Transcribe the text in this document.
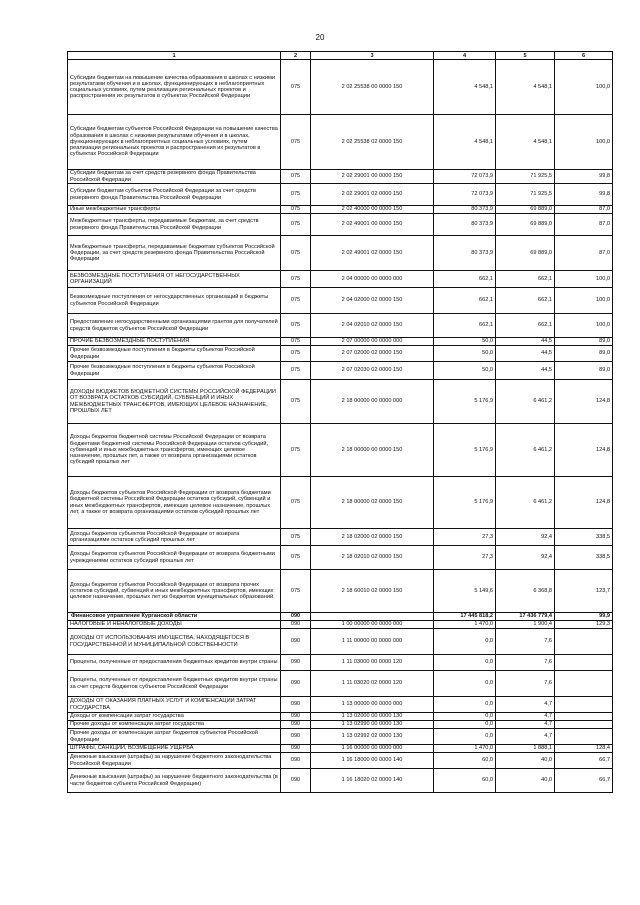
20
1	2	3	4	5	6
Субсидии бюджетам на повышение качества образования в школах с низкими результатами обучения и в школах, функционирующих в неблагоприятных социальных условиях, путем реализации региональных проектов и распространения их результатов в субъектах Российской Федерации	075	2 02 25538 00 0000 150	4 548,1	4 548,1	100,0
Субсидии бюджетам субъектов Российской Федерации на повышение качества образования в школах с низкими результатами обучения и в школах, функционирующих в неблагоприятных социальных условиях, путем реализации региональных проектов и распространения их результатов в субъектах Российской Федерации	075	2 02 25538 02 0000 150	4 548,1	4 548,1	100,0
Субсидии бюджетам за счет средств резервного фонда Правительства Российской Федерации	075	2 02 29001 00 0000 150	72 073,9	71 925,5	99,8
Субсидии бюджетам субъектов Российской Федерации за счет средств резервного фонда Правительства Российской Федерации	075	2 02 29001 02 0000 150	72 073,9	71 925,5	99,8
Иные межбюджетные трансферты	075	2 02 40000 00 0000 150	80 373,9	69 889,0	87,0
Межбюджетные трансферты, передаваемые бюджетам, за счет средств резервного фонда Правительства Российской Федерации	075	2 02 49001 00 0000 150	80 373,9	69 889,0	87,0
Межбюджетные трансферты, передаваемые бюджетам субъектов Российской Федерации, за счет средств резервного фонда Правительства Российской Федерации	075	2 02 49001 02 0000 150	80 373,9	69 889,0	87,0
БЕЗВОЗМЕЗДНЫЕ ПОСТУПЛЕНИЯ ОТ НЕГОСУДАРСТВЕННЫХ ОРГАНИЗАЦИЙ	075	2 04 00000 00 0000 000	662,1	662,1	100,0
Безвозмездные поступления от негосударственных организаций в бюджеты субъектов Российской Федерации	075	2 04 02000 02 0000 150	662,1	662,1	100,0
Предоставление негосударственными организациями грантов для получателей средств бюджетов субъектов Российской Федерации	075	2 04 02010 02 0000 150	662,1	662,1	100,0
ПРОЧИЕ БЕЗВОЗМЕЗДНЫЕ ПОСТУПЛЕНИЯ	075	2 07 00000 00 0000 000	50,0	44,5	89,0
Прочие безвозмездные поступления в бюджеты субъектов Российской Федерации	075	2 07 02000 02 0000 150	50,0	44,5	89,0
Прочие безвозмездные поступления в бюджеты субъектов Российской Федерации	075	2 07 02030 02 0000 150	50,0	44,5	89,0
ДОХОДЫ БЮДЖЕТОВ БЮДЖЕТНОЙ СИСТЕМЫ РОССИЙСКОЙ ФЕДЕРАЦИИ ОТ ВОЗВРАТА ОСТАТКОВ СУБСИДИЙ, СУБВЕНЦИЙ И ИНЫХ МЕЖБЮДЖЕТНЫХ ТРАНСФЕРТОВ, ИМЕЮЩИХ ЦЕЛЕВОЕ НАЗНАЧЕНИЕ, ПРОШЛЫХ ЛЕТ	075	2 18 00000 00 0000 000	5 176,9	6 461,2	124,8
Доходы бюджетов бюджетной системы Российской Федерации от возврата бюджетами бюджетной системы Российской Федерации остатков субсидий, субвенций и иных межбюджетных трансфертов, имеющих целевое назначение, прошлых лет, а также от возврата организациями остатков субсидий прошлых лет	075	2 18 00000 00 0000 150	5 176,9	6 461,2	124,8
Доходы бюджетов субъектов Российской Федерации от возврата бюджетами бюджетной системы Российской Федерации остатков субсидий, субвенций и иных межбюджетных трансфертов, имеющих целевое назначение, прошлых лет, а также от возврата организациями остатков субсидий прошлых лет	075	2 18 00000 02 0000 150	5 176,9	6 461,2	124,8
Доходы бюджетов субъектов Российской Федерации от возврата организациями остатков субсидий прошлых лет	075	2 18 02000 02 0000 150	27,3	92,4	338,5
Доходы бюджетов субъектов Российской Федерации от возврата бюджетными учреждениями остатков субсидий прошлых лет	075	2 18 02010 02 0000 150	27,3	92,4	338,5
Доходы бюджетов субъектов Российской Федерации от возврата прочих остатков субсидий, субвенций и иных межбюджетных трансфертов, имеющих целевое назначение, прошлых лет из бюджетов муниципальных образований	075	2 18 60010 02 0000 150	5 149,6	6 368,8	123,7
Финансовое управление Курганской области	090		17 445 818,2	17 436 779,4	99,9
НАЛОГОВЫЕ И НЕНАЛОГОВЫЕ ДОХОДЫ	090	1 00 00000 00 0000 000	1 470,0	1 900,4	129,3
ДОХОДЫ ОТ ИСПОЛЬЗОВАНИЯ ИМУЩЕСТВА, НАХОДЯЩЕГОСЯ В ГОСУДАРСТВЕННОЙ И МУНИЦИПАЛЬНОЙ СОБСТВЕННОСТИ	090	1 11 00000 00 0000 000	0,0	7,6	
Проценты, полученные от предоставления бюджетных кредитов внутри страны	090	1 11 03000 00 0000 120	0,0	7,6	
Проценты, полученные от предоставления бюджетных кредитов внутри страны за счет средств бюджетов субъектов Российской Федерации	090	1 11 03020 02 0000 120	0,0	7,6	
ДОХОДЫ ОТ ОКАЗАНИЯ ПЛАТНЫХ УСЛУГ И КОМПЕНСАЦИИ ЗАТРАТ ГОСУДАРСТВА	090	1 13 00000 00 0000 000	0,0	4,7	
Доходы от компенсации затрат государства	090	1 13 02000 00 0000 130	0,0	4,7	
Прочие доходы от компенсации затрат государства	090	1 13 02990 00 0000 130	0,0	4,7	
Прочие доходы от компенсации затрат бюджетов субъектов Российской Федерации	090	1 13 02992 02 0000 130	0,0	4,7	
ШТРАФЫ, САНКЦИИ, ВОЗМЕЩЕНИЕ УЩЕРБА	090	1 16 00000 00 0000 000	1 470,0	1 888,1	128,4
Денежные взыскания (штрафы) за нарушение бюджетного законодательства Российской Федерации	090	1 16 18000 00 0000 140	60,0	40,0	66,7
Денежные взыскания (штрафы) за нарушение бюджетного законодательства (в части бюджетов субъекта Российской Федерации)	090	1 16 18020 02 0000 140	60,0	40,0	66,7
